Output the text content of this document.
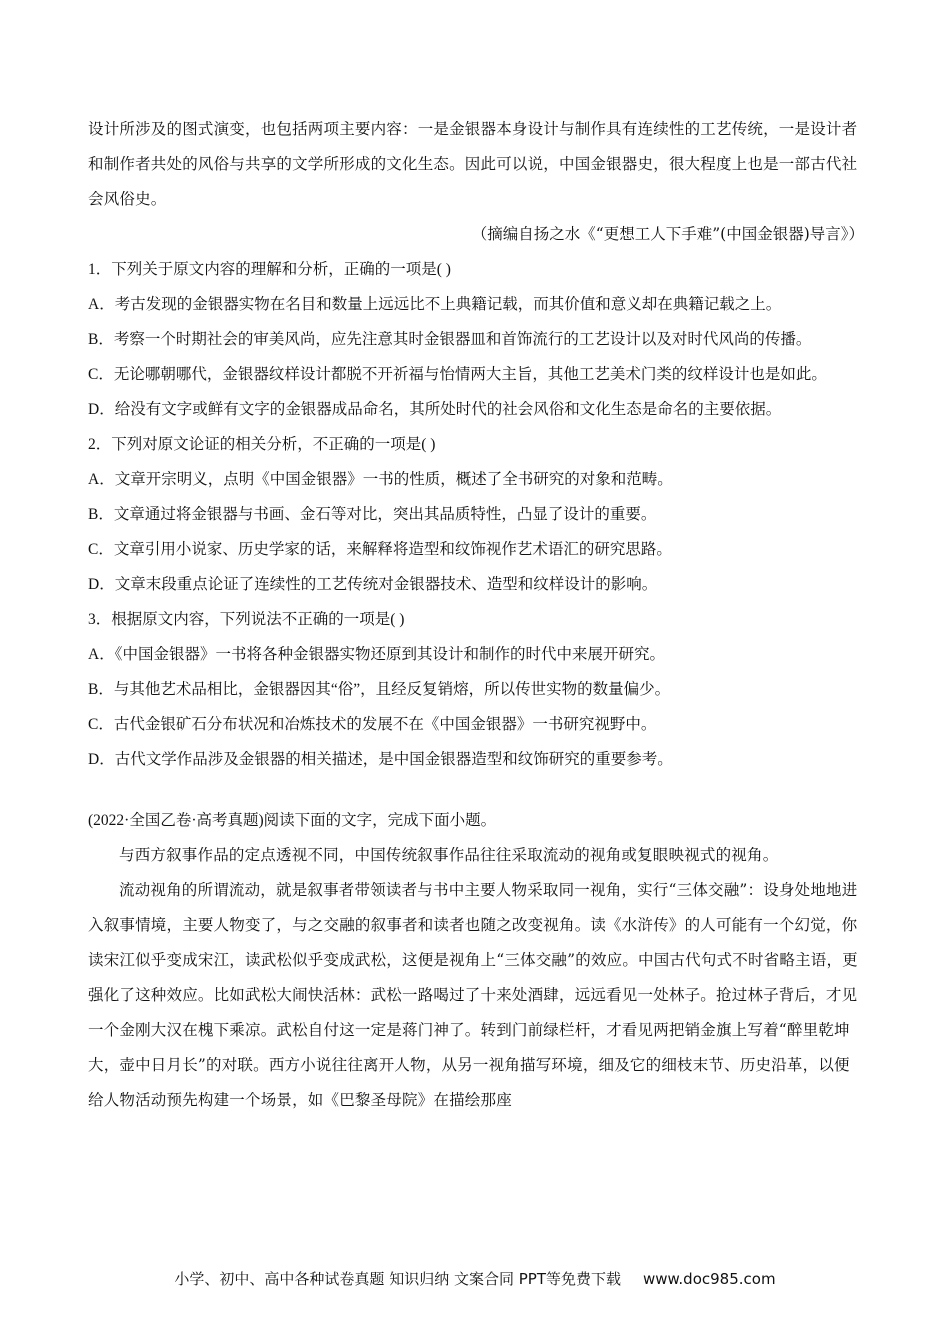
设计所涉及的图式演变，也包括两项主要内容：一是金银器本身设计与制作具有连续性的工艺传统，一是设计者和制作者共处的风俗与共享的文学所形成的文化生态。因此可以说，中国金银器史，很大程度上也是一部古代社会风俗史。

（摘编自扬之水《“更想工人下手难”(中国金银器)导言》）

1．下列关于原文内容的理解和分析，正确的一项是( )

A．考古发现的金银器实物在名目和数量上远远比不上典籍记载，而其价值和意义却在典籍记载之上。

B．考察一个时期社会的审美风尚，应先注意其时金银器皿和首饰流行的工艺设计以及对时代风尚的传播。

C．无论哪朝哪代，金银器纹样设计都脱不开祈福与怡情两大主旨，其他工艺美术门类的纹样设计也是如此。

D．给没有文字或鲜有文字的金银器成品命名，其所处时代的社会风俗和文化生态是命名的主要依据。

2．下列对原文论证的相关分析，不正确的一项是( )

A．文章开宗明义，点明《中国金银器》一书的性质，概述了全书研究的对象和范畴。

B．文章通过将金银器与书画、金石等对比，突出其品质特性，凸显了设计的重要。

C．文章引用小说家、历史学家的话，来解释将造型和纹饰视作艺术语汇的研究思路。

D．文章末段重点论证了连续性的工艺传统对金银器技术、造型和纹样设计的影响。

3．根据原文内容，下列说法不正确的一项是( )

A．《中国金银器》一书将各种金银器实物还原到其设计和制作的时代中来展开研究。

B．与其他艺术品相比，金银器因其“俗”，且经反复销熔，所以传世实物的数量偏少。

C．古代金银矿石分布状况和冶炼技术的发展不在《中国金银器》一书研究视野中。

D．古代文学作品涉及金银器的相关描述，是中国金银器造型和纹饰研究的重要参考。

(2022·全国乙卷·高考真题)阅读下面的文字，完成下面小题。

与西方叙事作品的定点透视不同，中国传统叙事作品往往采取流动的视角或复眼映视式的视角。

流动视角的所谓流动，就是叙事者带领读者与书中主要人物采取同一视角，实行“三体交融”：设身处地地进入叙事情境，主要人物变了，与之交融的叙事者和读者也随之改变视角。读《水浒传》的人可能有一个幻觉，你读宋江似乎变成宋江，读武松似乎变成武松，这便是视角上“三体交融”的效应。中国古代句式不时省略主语，更强化了这种效应。比如武松大闹快活林：武松一路喝过了十来处酒肆，远远看见一处林子。抢过林子背后，才见一个金刚大汉在槐下乘凉。武松自付这一定是蒋门神了。转到门前绿栏杆，才看见两把销金旗上写着“醉里乾坤大，壶中日月长”的对联。西方小说往往离开人物，从另一视角描写环境，细及它的细枝末节、历史沿革，以便给人物活动预先构建一个场景，如《巴黎圣母院》在描绘那座

小学、初中、高中各种试卷真题 知识归纳 文案合同 PPT等免费下载 www.doc985.com
